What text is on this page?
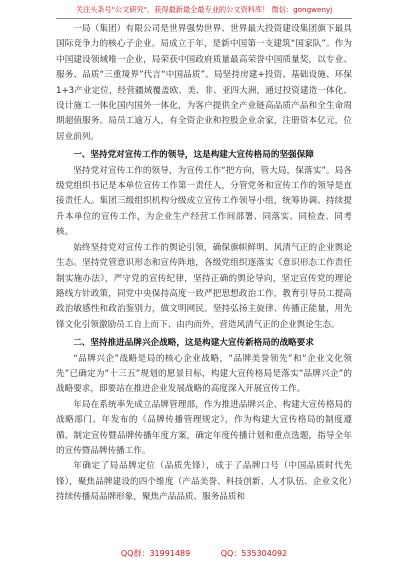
关注头条号"公文研究"，获得最新最全最专业的公文资料库！ 微信：gongwenyj

一局（集团）有限公司是世界强势世界、世界最大投资建设集团旗下最具国际竞争力的核心子企业。局成立于年，是新中国第一支建筑“国家队”。作为中国建设领域唯一企业，局荣获中国政府质量最高荣誉中国质量奖，以专业、服务、品质“三重境界”代言“中国品质”。局坚持房建+投资、基础设施、环保1+3产业定位，经营疆域覆盖欧、美、非、亚四大洲，通过投资建造一体化、设计施工一体化国内国外一体化，为客户提供全产业链高品质产品和全生命周期超值服务。局员工逾万人，有全资企业和控股企业余家，注册资本亿元，位居业前列。

一、坚持党对宣传工作的领导，这是构建大宣传格局的坚强保障

坚持党对宣传工作的领导，为宣传工作“把方向，管大局，保落实”。局各级党组织书记是本单位宣传工作第一责任人，分管党务和宣传工作的领导是直接责任人。集团三级组织机构分级成立宣传工作领导小组，统筹协调、持续提升本单位的宣传工作，为企业生产经营工作间部署、同落实、同检查、同考核。

始终坚持党对宣传工作的舆论引领，确保旗帜鲜明、风清气正的企业舆论生态。坚持党管意识形态和宣传阵地，各级党组织逐落实《意识形态工作责任制实施办法》，严守党的宣传纪律，坚持正确的舆论导向，坚定宣传党的理论路线方针政策，同党中央保持高度一致严把思想政治工作，教育引导员工提高政治敏感性和政治鉴别力，做文明网民。坚持弘扬主旋律、传播正能量，用先锋文化引领激励员工自上而下、由内而外，营造风清气正的企业舆论生态。

二、坚持推进品牌兴企战略，这是构建大宣传新格局的战略要求

“品牌兴企”战略是局的核心企业战略，“品牌美誉领先”和“企业文化领先”已确定为“十三五”规划的愿景目标，构建大宣传格局是落实“品牌兴企”的战略要求，即要站在推进企业发展战略的高度深入开展宣传工作。

年局在系统率先成立品牌管理部，作为推进品牌兴企、构建大宣传格局的战略部门。年发布的《品牌传播管理规定》，作为构建大宣传格局的制度遵循。制定宣传暨品牌传播年度方案，确定年度传播计划和重点选题，指导全年的宣传暨品牌传播工作。

年确定了局品牌定位（品质先锋），成于了品牌口号（中国品质时代先锋），聚焦品牌建设的四个维度（产品美誉、科技创新、人才队伍、企业文化）持续传播局品牌形象，聚焦产品品质、服务品质和

QQ群：31991489	QQ：535304092
